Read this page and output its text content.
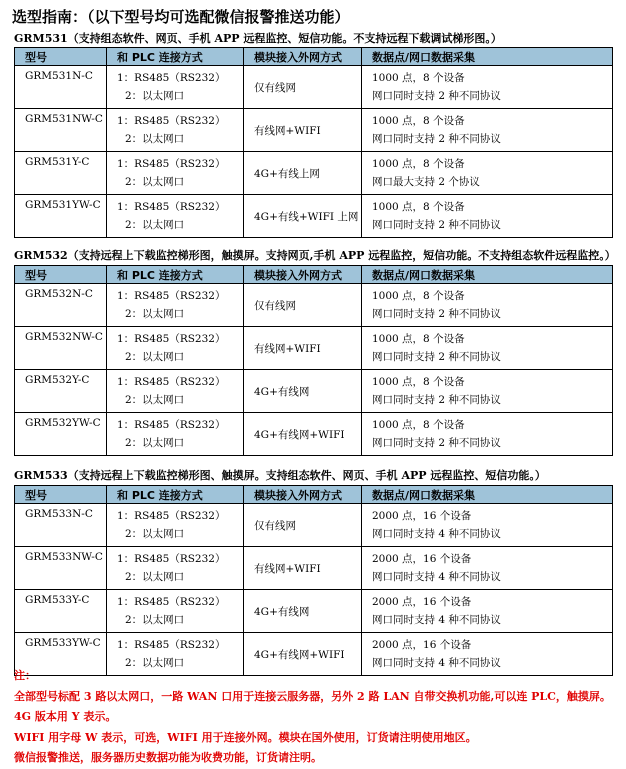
选型指南：（以下型号均可选配微信报警推送功能）
GRM531（支持组态软件、网页、手机 APP 远程监控、短信功能。不支持远程下载调试梯形图。）
型号	和 PLC 连接方式	模块接入外网方式	数据点/网口数据采集
GRM531N-C	1：RS485（RS232）
2：以太网口	仅有线网	1000 点，8 个设备
网口同时支持 2 种不同协议

GRM531NW-C	1：RS485（RS232）
2：以太网口	有线网+WIFI	1000 点，8 个设备
网口同时支持 2 种不同协议

GRM531Y-C	1：RS485（RS232）
2：以太网口	4G+有线上网	1000 点，8 个设备
网口最大支持 2 个协议

GRM531YW-C	1：RS485（RS232）
2：以太网口	4G+有线+WIFI 上网	1000 点，8 个设备
网口同时支持 2 种不同协议
GRM532（支持远程上下载监控梯形图，触摸屏。支持网页,手机 APP 远程监控，短信功能。不支持组态软件远程监控。）
型号	和 PLC 连接方式	模块接入外网方式	数据点/网口数据采集
GRM532N-C	1：RS485（RS232）
2：以太网口	仅有线网	1000 点，8 个设备
网口同时支持 2 种不同协议

GRM532NW-C	1：RS485（RS232）
2：以太网口	有线网+WIFI	1000 点，8 个设备
网口同时支持 2 种不同协议

GRM532Y-C	1：RS485（RS232）
2：以太网口	4G+有线网	1000 点，8 个设备
网口同时支持 2 种不同协议

GRM532YW-C	1：RS485（RS232）
2：以太网口	4G+有线网+WIFI	1000 点，8 个设备
网口同时支持 2 种不同协议
GRM533（支持远程上下载监控梯形图、触摸屏。支持组态软件、网页、手机 APP 远程监控、短信功能。）
型号	和 PLC 连接方式	模块接入外网方式	数据点/网口数据采集
GRM533N-C	1：RS485（RS232）
2：以太网口	仅有线网	2000 点，16 个设备
网口同时支持 4 种不同协议

GRM533NW-C	1：RS485（RS232）
2：以太网口	有线网+WIFI	2000 点，16 个设备
网口同时支持 4 种不同协议

GRM533Y-C	1：RS485（RS232）
2：以太网口	4G+有线网	2000 点，16 个设备
网口同时支持 4 种不同协议

GRM533YW-C	1：RS485（RS232）
2：以太网口	4G+有线网+WIFI	2000 点，16 个设备
网口同时支持 4 种不同协议
注：
全部型号标配 3 路以太网口，一路 WAN 口用于连接云服务器，另外 2 路 LAN 自带交换机功能,可以连 PLC，触摸屏。
4G 版本用 Y 表示。
WIFI 用字母 W 表示，可选，WIFI 用于连接外网。模块在国外使用，订货请注明使用地区。
微信报警推送，服务器历史数据功能为收费功能，订货请注明。
